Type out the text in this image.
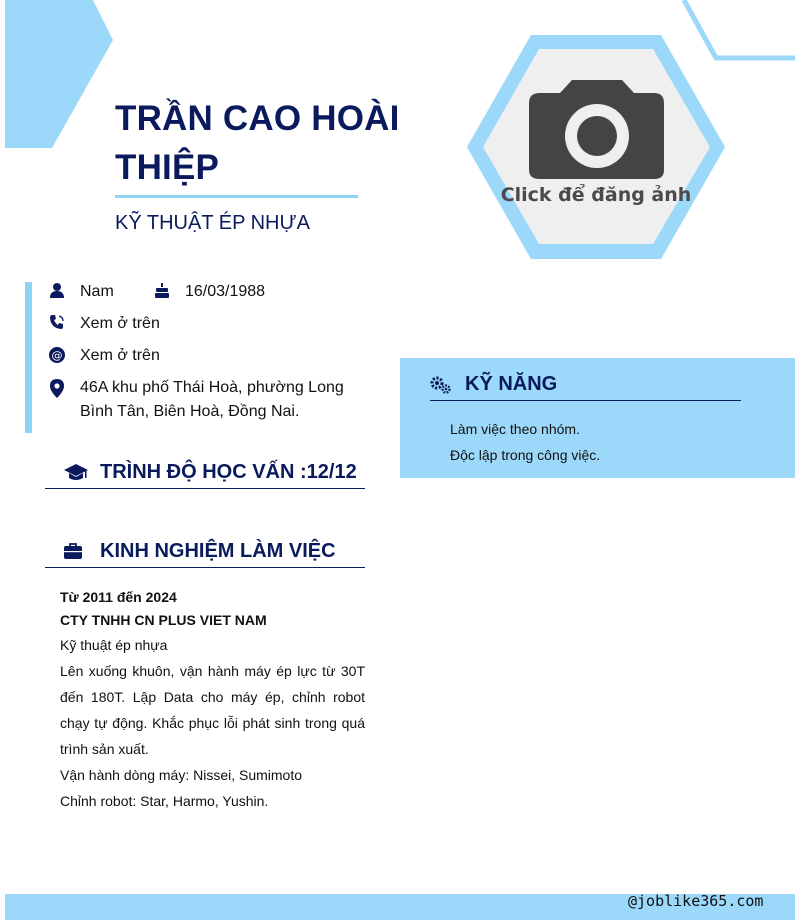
TRẦN CAO HOÀI THIỆP
KỸ THUẬT ÉP NHỰA
Click để đăng ảnh
Nam	16/03/1988
Xem ở trên
@ Xem ở trên
46A khu phố Thái Hoà, phường Long Bình Tân, Biên Hoà, Đồng Nai.
TRÌNH ĐỘ HỌC VẤN :12/12
KINH NGHIỆM LÀM VIỆC
Từ 2011 đến 2024
CTY TNHH CN PLUS VIET NAM
Kỹ thuật ép nhựa
Lên xuống khuôn, vận hành máy ép lực từ 30T đến 180T. Lập Data cho máy ép, chỉnh robot chạy tự động. Khắc phục lỗi phát sinh trong quá trình sản xuất.
Vận hành dòng máy: Nissei, Sumimoto
Chỉnh robot: Star, Harmo, Yushin.
KỸ NĂNG
Làm việc theo nhóm.
Độc lập trong công việc.
@joblike365.com
